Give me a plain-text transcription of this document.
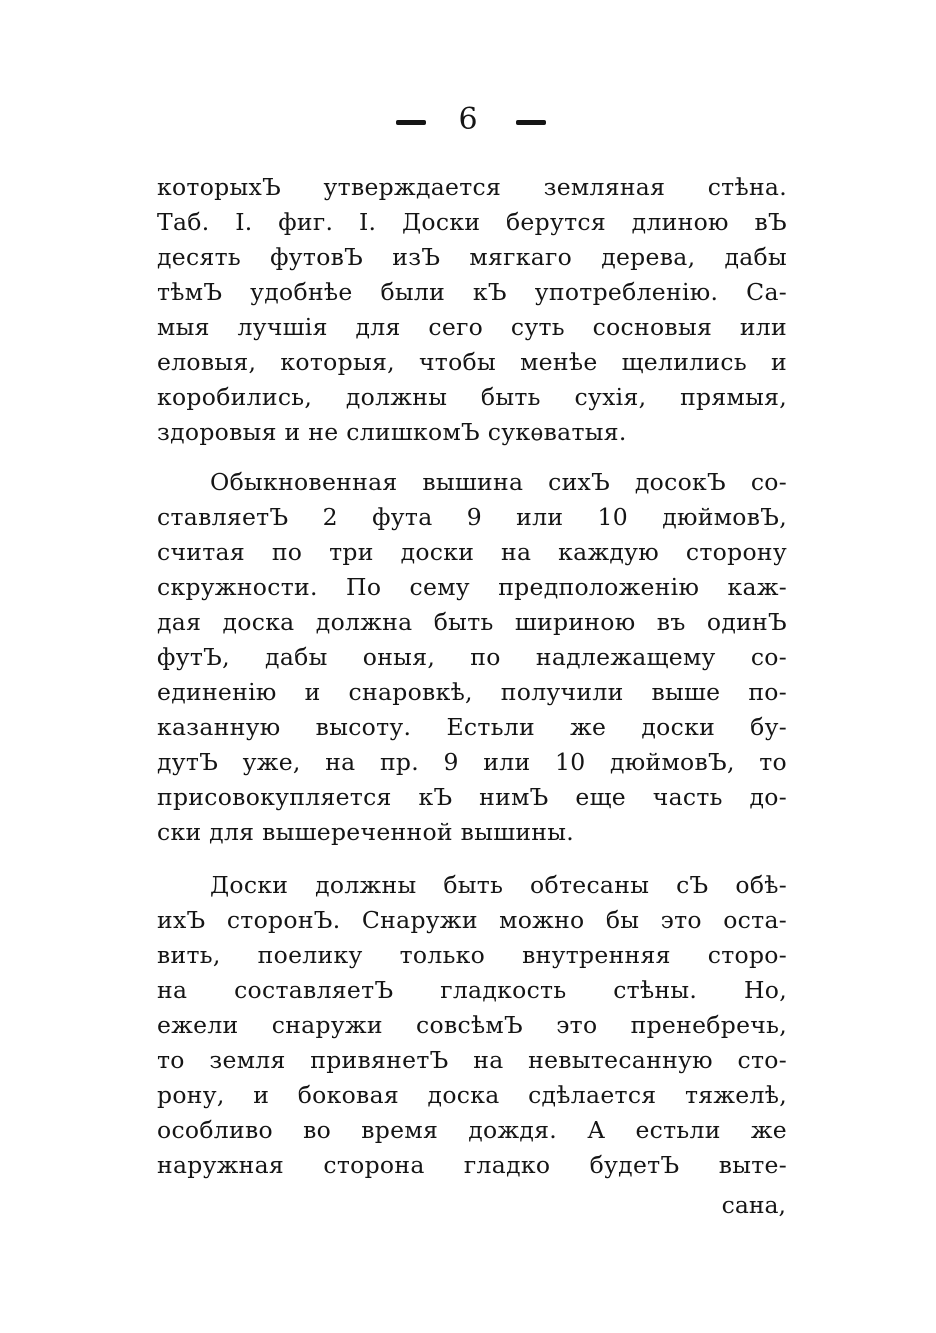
6
которыхЪ утверждается земляная стѣна.
Таб. I. фиг. I. Доски берутся длиною вЪ
десять футовЪ изЪ мягкаго дерева, дабы
тѣмЪ удобнѣе были кЪ употребленію. Са-
мыя лучшія для сего суть сосновыя или
еловыя, которыя, чтобы менѣе щелились и
коробились, должны быть сухія, прямыя,
здоровыя и не слишкомЪ сукѳватыя.
Обыкновенная вышина сихЪ досокЪ со-
ставляетЪ 2 фута 9 или 10 дюймовЪ,
считая по три доски на каждую сторону
скружности. По сему предположенію каж-
дая доска должна быть шириною въ одинЪ
футЪ, дабы оныя, по надлежащему со-
единенію и снаровкѣ, получили выше по-
казанную высоту. Естьли же доски бу-
дутЪ уже, на пр. 9 или 10 дюймовЪ, то
присовокупляется кЪ нимЪ еще часть до-
ски для вышереченной вышины.
Доски должны быть обтесаны сЪ обѣ-
ихЪ сторонЪ. Снаружи можно бы это оста-
вить, поелику только внутренняя сторо-
на составляетЪ гладкость стѣны. Но,
ежели снаружи совсѣмЪ это пренебречь,
то земля привянетЪ на невытесанную сто-
рону, и боковая доска сдѣлается тяжелѣ,
особливо во время дождя. А естьли же
наружная сторона гладко будетЪ выте-
сана,
